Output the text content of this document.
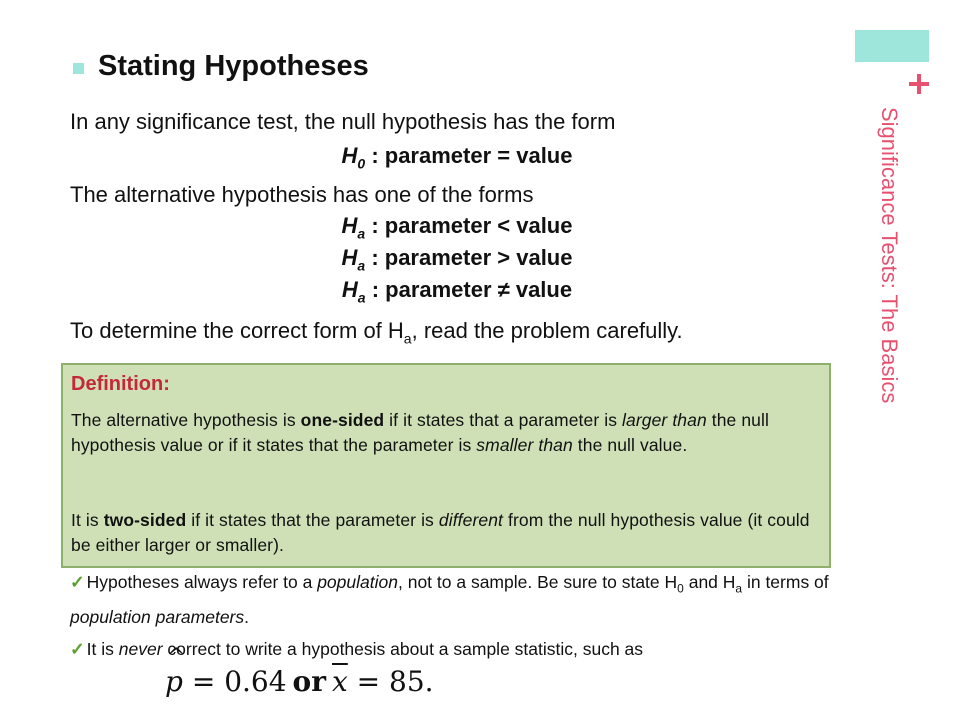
Significance Tests: The Basics
Stating Hypotheses
In any significance test, the null hypothesis has the form
$H_0$ : parameter = value
The alternative hypothesis has one of the forms
$H_a$ : parameter < value
$H_a$ : parameter > value
$H_a$ : parameter ≠ value
To determine the correct form of $H_a$, read the problem carefully.
Definition:
The alternative hypothesis is one-sided if it states that a parameter is larger than the null hypothesis value or if it states that the parameter is smaller than the null value.
It is two-sided if it states that the parameter is different from the null hypothesis value (it could be either larger or smaller).
✓ Hypotheses always refer to a population, not to a sample. Be sure to state $H_0$ and $H_a$ in terms of population parameters.
✓ It is never correct to write a hypothesis about a sample statistic, such as
^ p = 0.64 or $\overline{x} = 85$.
